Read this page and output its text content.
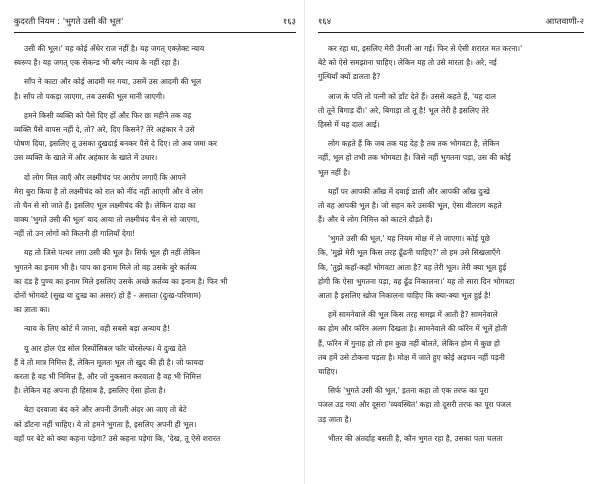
कुदरती नियम : 'भुगते उसी की भूल'	१६३
उसी की भूल।' यह कोई अँधेर राज नहीं है। यह जगत् एक्ज़ेक्ट न्याय
स्वरूप है। यह जगत् एक सेकन्ड भी बगैर न्याय के नहीं रहा है।
साँप ने काटा और कोई आदमी मर गया, उसमें उस आदमी की भूल
है। साँप तो पकड़ा जाएगा, तब उसकी भूल मानी जाएगी।
हमने किसी व्यक्ति को पैसे दिए हों और फिर छः महीने तक वह
व्यक्ति पैसे वापस नहीं दे, तो? अरे, दिए किसने? तेरे अहंकार ने उसे
पोषण दिया, इसलिए तू उसका दुखदाई बनकर पैसे दे दिए। तो अब जमा कर
उस व्यक्ति के खाते में और अहंकार के खाते में उधार।
दो लोग मिल जाएँ और लक्ष्मीचंद पर आरोप लगाएँ कि आपने
मेरा बुरा किया है तो लक्ष्मीचंद को रात को नींद नहीं आएगी और वे लोग
तो चैन से सो जाते हैं। इसलिए भूल लक्ष्मीचंद की है। लेकिन दादा का
वाक्य 'भुगते उसी की भूल' याद आया तो लक्ष्मीचंद चैन से सो जाएगा,
नहीं तो उन लोगों को कितनी ही गालियाँ देगा!
यह तो जिसे पत्थर लगा उसी की भूल है। सिर्फ भूल ही नहीं लेकिन
भुगतने का इनाम भी है। पाप का इनाम मिले तो वह उसके बुरे कर्तव्य
का दंड है पुण्य का इनाम मिले इसलिए उसके अच्छे कर्तव्य का इनाम है। फिर भी
दोनों भोगवटे (सुख या दुःख का असर) हो हैं - असाता (दुःख-परिणाम)
का ज्ञाता का।
न्याय के लिए कोर्ट में जाना, वही सबसे बड़ा अन्याय है!
यू आर होल एंड सोल रिस्पोंसिबल फॉर योरसेल्फ। ये दुःख देते
हैं वे तो मात्र निमित्त हैं, लेकिन मूलतः भूल तो खुद की ही है। जो फायदा
करता है वह भी निमित्त है, और जो नुकसान करवाता है वह भी निमित्त
है। लेकिन वह अपना ही हिसाब है, इसलिए ऐसा होता है।
बेटा दरवाजा बंद करे और अपनी उँगली अंदर आ जाए तो बेटे
को डाँटना नहीं चाहिए। ये तो हमने भुगता है, इसलिए अपनी ही भूल।
वहाँ पर बेटे को क्या कहना पड़ेगा? उसे कहना पड़ेगा कि, 'देख, तू ऐसे शरारत
१६४	आप्तवाणी-२
कर रहा था, इसलिए मेरी उँगली आ गई। फिर से ऐसी शरारत मत करना।'
बेटे को ऐसे समझाना चाहिए। लेकिन यह तो उसे मारता है। अरे, नई
गुत्थियाँ क्यों डालता है?
आज के पति तो पत्नी को डाँट देते हैं। उससे कहते हैं, 'यह दाल
तो तूने बिगाड़ दी।' अरे, बिगाड़ा तो तू है! भूल तेरी है इसलिए तेरे
हिस्से में यह दाल आई।
लोग कहते हैं कि जब तक यह देह है तब तक भोगवटा है, लेकिन
नहीं, भूल हो तभी तक भोगवटा है। जिसे नहीं भुगतना पड़ा, उस की कोई
भूल नहीं है।
यहाँ पर आपकी आँख में दवाई डाली और आपकी आँख दुःखे
तो वह आपकी भूल है। जो सहन करे उसकी भूल, ऐसा वीतराग कहते
हैं। और ये लोग निमित्त को काटने दौड़ते हैं।
'भुगते उसी की भूल,' यह नियम मोक्ष में ले जाएगा। कोई पूछे
कि, 'मुझे मेरी भूल किस तरह ढूँढनी चाहिए?' तो हम उसे सिखलाएँगे
कि, 'तुझे कहाँ-कहाँ भोगवटा आता है? वह तेरी भूल। तेरी क्या भूल हुई
होगी कि ऐसा भुगतना पड़ा, वह ढूँढ निकालना।' यह तो सारा दिन भोगवटा
आता है इसलिए खोज निकालना चाहिए कि क्या-क्या भूल हुई है!
हमें सामनेवाले की भूल किस तरह समझ में आती है? सामनेवाले
का होम और फॉरेन अलग दिखता है। सामनेवाले की फॉरेन में भूलें होती
हैं, फॉरेन में गुनाह हो तो हम कुछ नहीं बोलते, लेकिन होम में कुछ हो
तब हमें उसे टोकना पड़ता है। मोक्ष में जाते हुए कोई अड़चन नहीं पड़नी
चाहिए।
सिर्फ 'भुगते उसी की भूल,' इतना कहा तो एक तरफ का पूरा
पजल उड़ गया और दूसरा 'व्यवस्थित' कहा तो दूसरी तरफ का पूरा पजल
उड़ जाता है।
भीतर की अंतर्दाह बसती है, कौन भुगत रहा है, उसका पता चलता
